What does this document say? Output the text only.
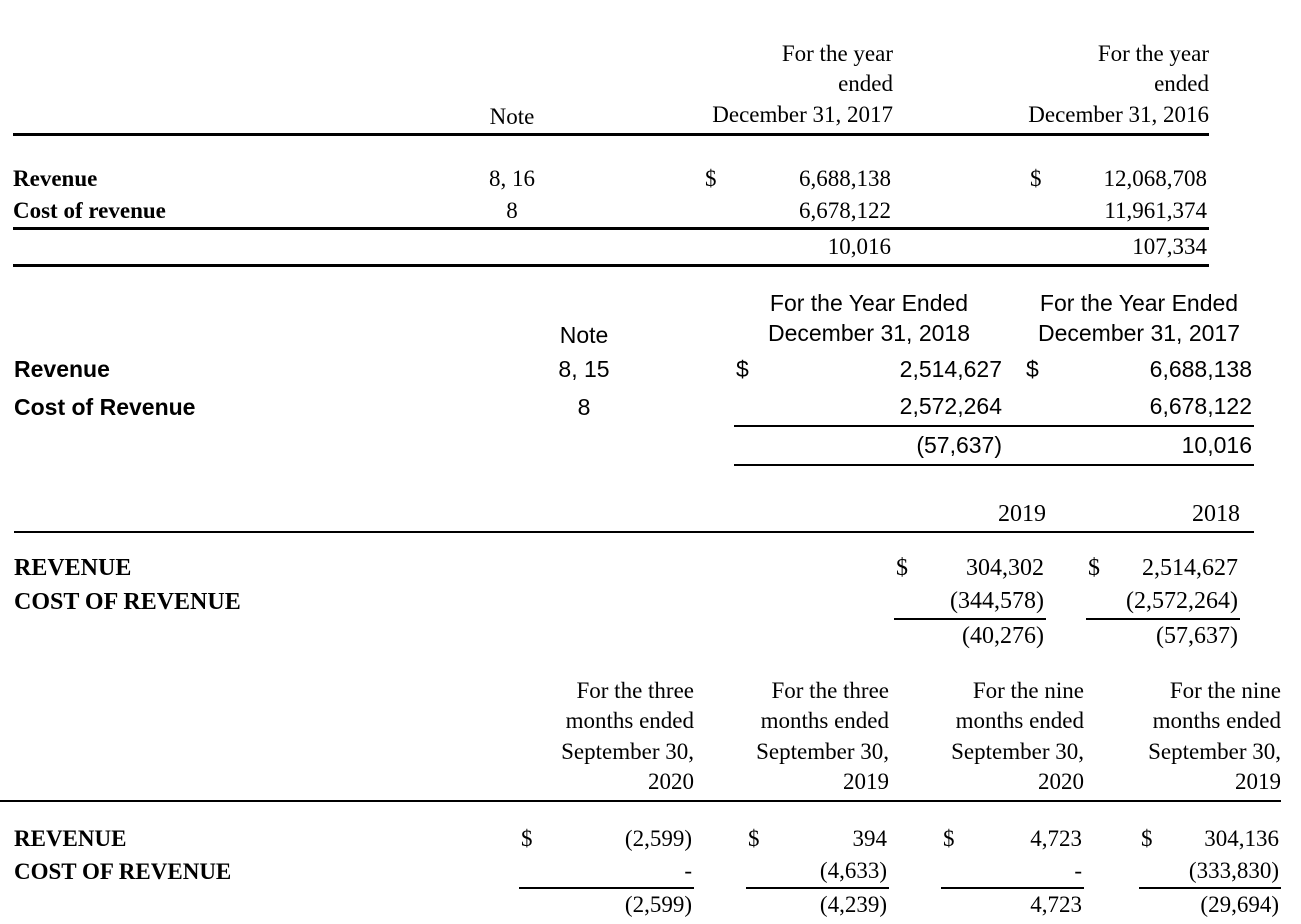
	Note		For the year
ended
December 31, 2017			For the year
ended
December 31, 2016	

Revenue	8, 16		$	6,688,138		$	12,068,708
Cost of revenue	8			6,678,122			11,961,374
				10,016			107,334
	Note	For the Year Ended
December 31, 2018			For the Year Ended
December 31, 2017	

Revenue	8, 15	$	2,514,627		$	6,688,138
Cost of Revenue	8		2,572,264			6,678,122
			(57,637)			10,016
		2019			2018		
REVENUE		$	304,302		$	2,514,627	
COST OF REVENUE			(344,578)			(2,572,264)	
			(40,276)			(57,637)	

	For the three
months ended
September 30,
2020			For the three
months ended
September 30,
2019			For the nine
months ended
September 30,
2020			For the nine
months ended
September 30,
2019		

REVENUE		$	(2,599)		$	394		$	4,723		$	304,136
COST OF REVENUE			-			(4,633)			-			(333,830)
			(2,599)			(4,239)			4,723			(29,694)
